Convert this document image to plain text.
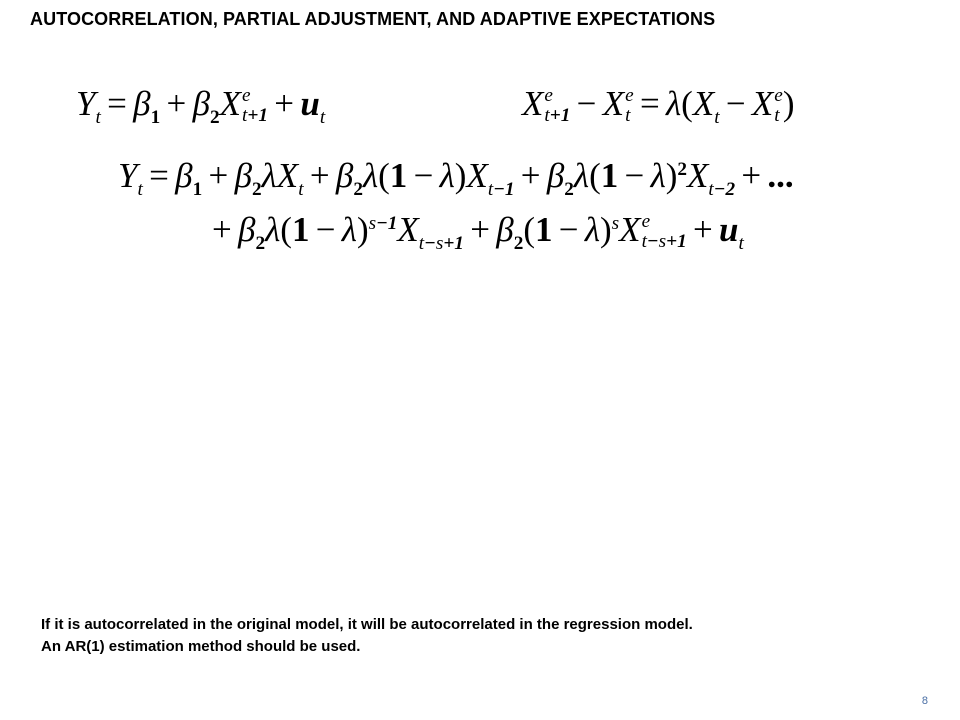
AUTOCORRELATION, PARTIAL ADJUSTMENT, AND ADAPTIVE EXPECTATIONS
$Y_t = \beta_1 + \beta_2X$ e
$t+1 + u_t$	X e
t+1 − X e
$t = \lambda(X_t - X$ e
t )
$Y_t = \beta_1 + \beta_2\lambda X_t + \beta_2\lambda(1 - \lambda)X_{t-1} + \beta_2\lambda(1 - \lambda)^2X_{t-2}$ + ...
+ $\beta_2\lambda(1 - \lambda)^{s-1}X_{t-s+1} + \beta_2(1 - \lambda)^sX$ e
$t-s+1 + u_t$
If it is autocorrelated in the original model, it will be autocorrelated in the regression model.
An AR(1) estimation method should be used.
8
